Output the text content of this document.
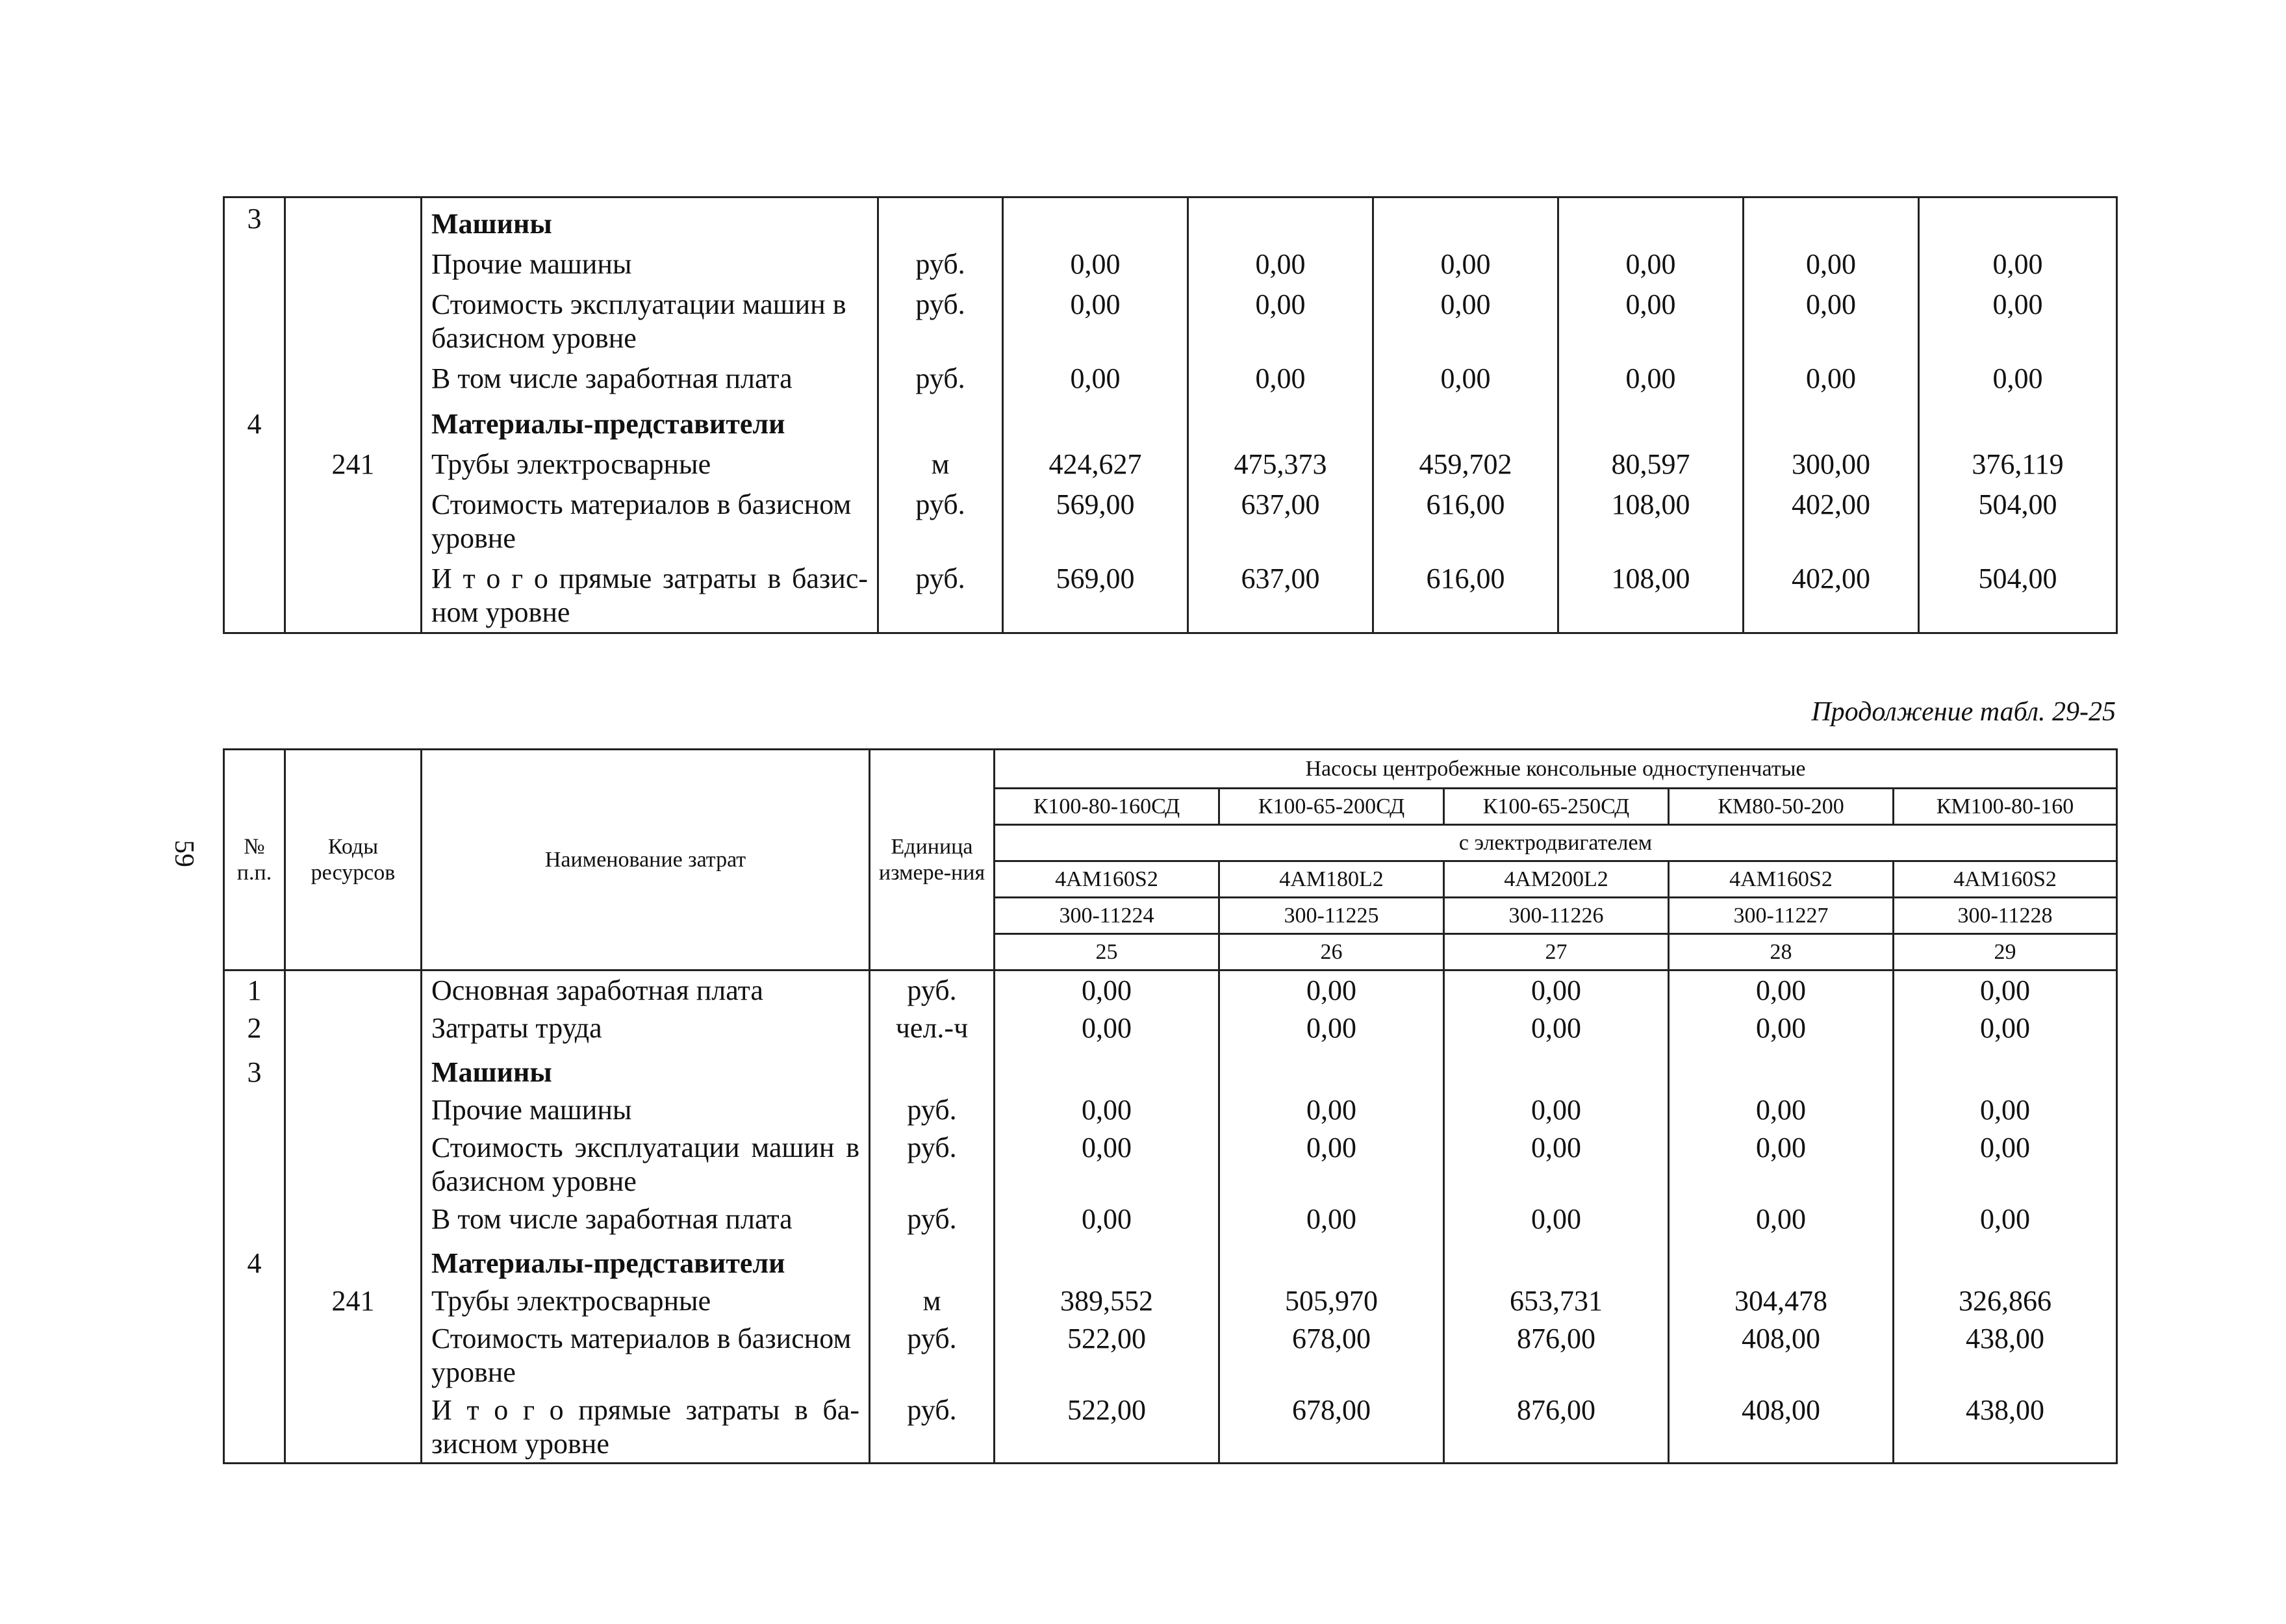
3		Машины							
		Прочие машины	руб.	0,00	0,00	0,00	0,00	0,00	0,00
		Стоимость эксплуатации машин в базисном уровне	руб.	0,00	0,00	0,00	0,00	0,00	0,00
		В том числе заработная плата	руб.	0,00	0,00	0,00	0,00	0,00	0,00
4		Материалы-представители							
	241	Трубы электросварные	м	424,627	475,373	459,702	80,597	300,00	376,119
		Стоимость материалов в базисном уровне	руб.	569,00	637,00	616,00	108,00	402,00	504,00
		И т о г о прямые затраты в базис-ном уровне	руб.	569,00	637,00	616,00	108,00	402,00	504,00
Продолжение табл. 29-25
59 № п.п.	Коды ресурсов	Наименование затрат	Единица измере-ния	Насосы центробежные консольные одноступенчатые				
				К100-80-160СД	К100-65-200СД	К100-65-250СД	КМ80-50-200	КМ100-80-160
				с электродвигателем				
				4АМ160S2	4АМ180L2	4АМ200L2	4АМ160S2	4АМ160S2
				300-11224	300-11225	300-11226	300-11227	300-11228
				25	26	27	28	29

1		Основная заработная плата	руб.	0,00	0,00	0,00	0,00	0,00
2		Затраты труда	чел.-ч	0,00	0,00	0,00	0,00	0,00
3		Машины						
		Прочие машины	руб.	0,00	0,00	0,00	0,00	0,00
		Стоимость эксплуатации машин в базисном уровне	руб.	0,00	0,00	0,00	0,00	0,00
		В том числе заработная плата	руб.	0,00	0,00	0,00	0,00	0,00
4		Материалы-представители						
	241	Трубы электросварные	м	389,552	505,970	653,731	304,478	326,866
		Стоимость материалов в базисном уровне	руб.	522,00	678,00	876,00	408,00	438,00
		И т о г о прямые затраты в ба-зисном уровне	руб.	522,00	678,00	876,00	408,00	438,00
